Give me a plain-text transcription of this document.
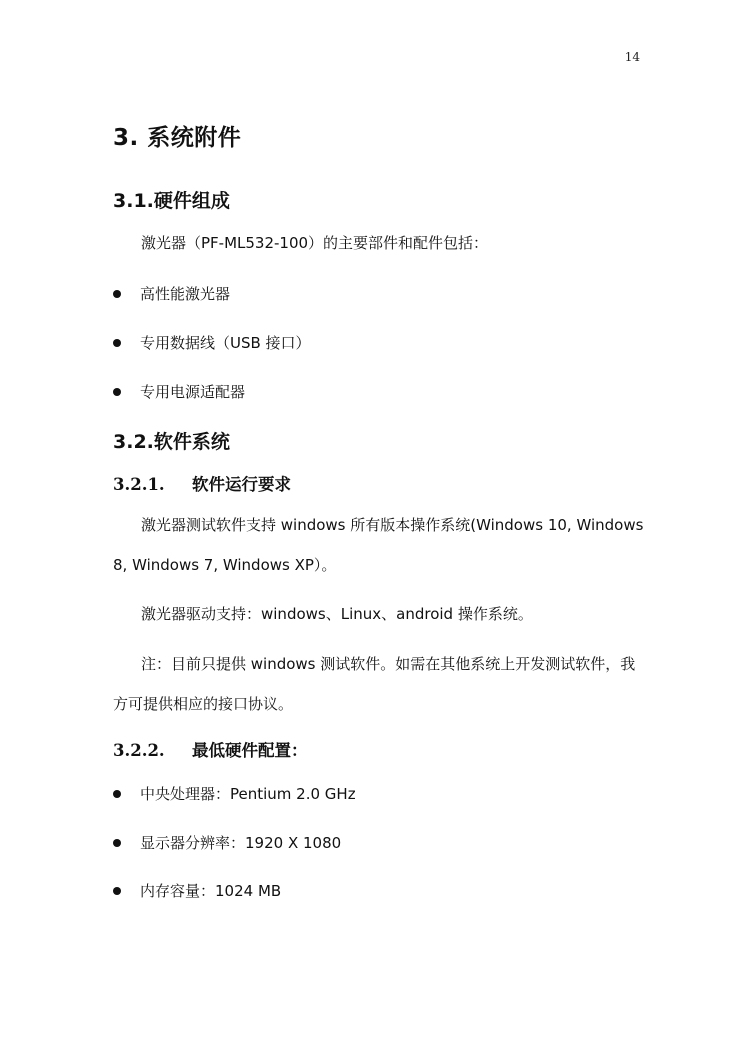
14
3. 系统附件
3.1.硬件组成
激光器（PF-ML532-100）的主要部件和配件包括：
高性能激光器
专用数据线（USB 接口）
专用电源适配器
3.2.软件系统
3.2.1. 软件运行要求
激光器测试软件支持 windows 所有版本操作系统(Windows 10, Windows
8, Windows 7, Windows XP）。
激光器驱动支持：windows、Linux、android 操作系统。
注：目前只提供 windows 测试软件。如需在其他系统上开发测试软件，我
方可提供相应的接口协议。
3.2.2. 最低硬件配置：
中央处理器：Pentium 2.0 GHz
显示器分辨率：1920 X 1080
内存容量：1024 MB
